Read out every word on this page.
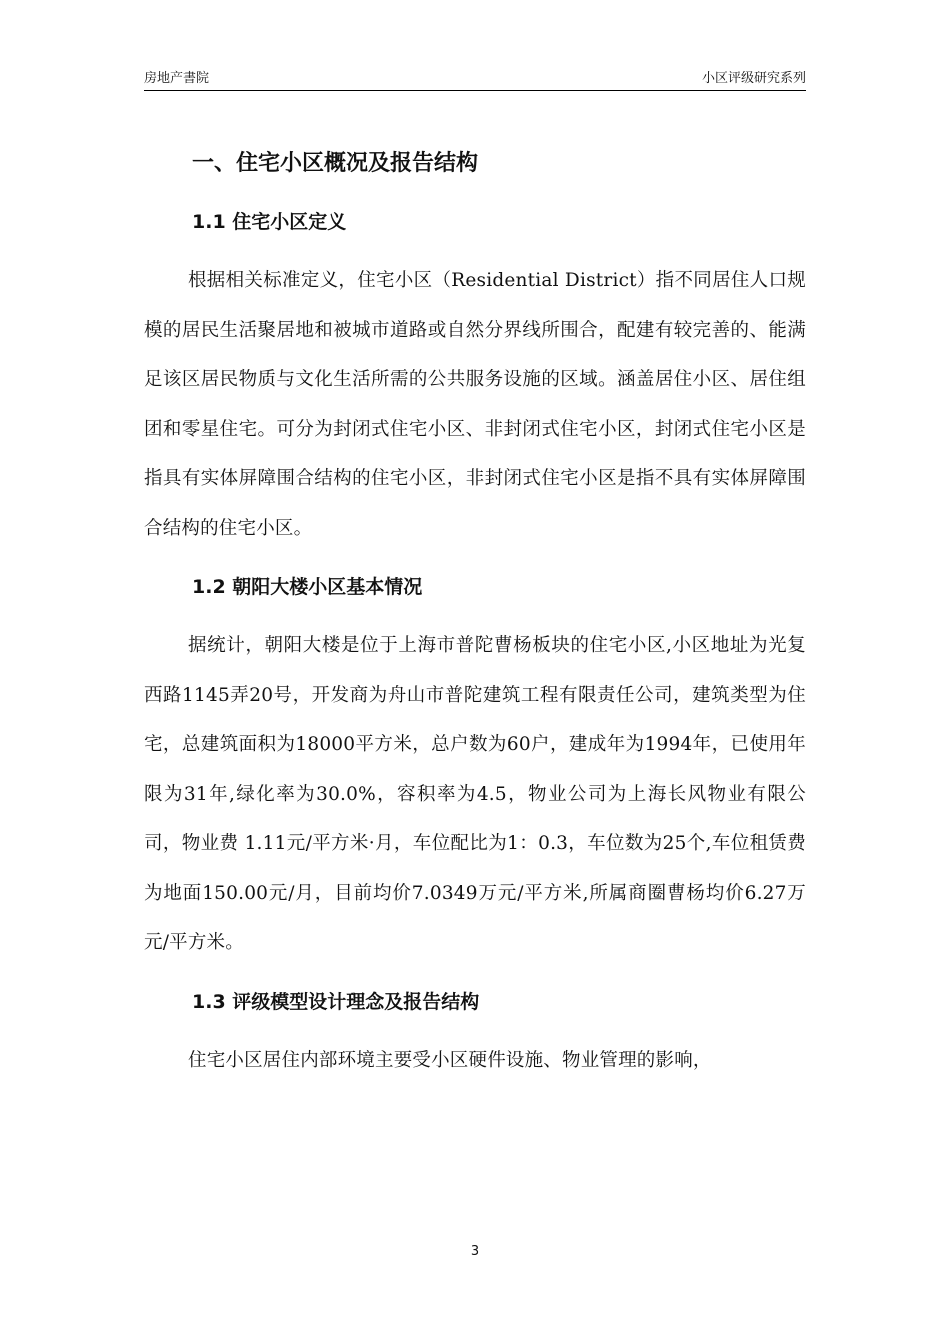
房地产書院	小区评级研究系列
一、住宅小区概况及报告结构
1.1 住宅小区定义

根据相关标准定义，住宅小区（Residential District）指不同居住人口规模的居民生活聚居地和被城市道路或自然分界线所围合，配建有较完善的、能满足该区居民物质与文化生活所需的公共服务设施的区域。涵盖居住小区、居住组团和零星住宅。可分为封闭式住宅小区、非封闭式住宅小区，封闭式住宅小区是指具有实体屏障围合结构的住宅小区，非封闭式住宅小区是指不具有实体屏障围合结构的住宅小区。

1.2 朝阳大楼小区基本情况

据统计，朝阳大楼是位于上海市普陀曹杨板块的住宅小区,小区地址为光复西路1145弄20号，开发商为舟山市普陀建筑工程有限责任公司，建筑类型为住宅，总建筑面积为18000平方米，总户数为60户，建成年为1994年，已使用年限为31年,绿化率为30.0%，容积率为4.5，物业公司为上海长风物业有限公司，物业费 1.11元/平方米·月，车位配比为1：0.3，车位数为25个,车位租赁费为地面150.00元/月，目前均价7.0349万元/平方米,所属商圈曹杨均价6.27万元/平方米。

1.3 评级模型设计理念及报告结构

住宅小区居住内部环境主要受小区硬件设施、物业管理的影响，

3
